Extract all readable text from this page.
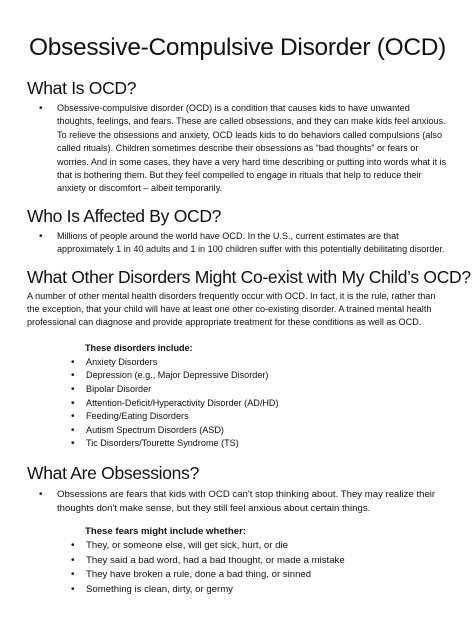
Obsessive-Compulsive Disorder (OCD)
What Is OCD?
• Obsessive-compulsive disorder (OCD) is a condition that causes kids to have unwanted thoughts, feelings, and fears. These are called obsessions, and they can make kids feel anxious. To relieve the obsessions and anxiety, OCD leads kids to do behaviors called compulsions (also called rituals). Children sometimes describe their obsessions as “bad thoughts” or fears or worries. And in some cases, they have a very hard time describing or putting into words what it is that is bothering them. But they feel compelled to engage in rituals that help to reduce their anxiety or discomfort – albeit temporarily.
Who Is Affected By OCD?
• Millions of people around the world have OCD. In the U.S., current estimates are that approximately 1 in 40 adults and 1 in 100 children suffer with this potentially debilitating disorder.
What Other Disorders Might Co-exist with My Child’s OCD?

A number of other mental health disorders frequently occur with OCD. In fact, it is the rule, rather than the exception, that your child will have at least one other co-existing disorder. A trained mental health professional can diagnose and provide appropriate treatment for these conditions as well as OCD.

These disorders include:
• Anxiety Disorders
• Depression (e.g., Major Depressive Disorder)
• Bipolar Disorder
• Attention-Deficit/Hyperactivity Disorder (AD/HD)
• Feeding/Eating Disorders
• Autism Spectrum Disorders (ASD)
• Tic Disorders/Tourette Syndrome (TS)
What Are Obsessions?
• Obsessions are fears that kids with OCD can't stop thinking about. They may realize their thoughts don't make sense, but they still feel anxious about certain things.
These fears might include whether:
• They, or someone else, will get sick, hurt, or die
• They said a bad word, had a bad thought, or made a mistake
• They have broken a rule, done a bad thing, or sinned
• Something is clean, dirty, or germy
